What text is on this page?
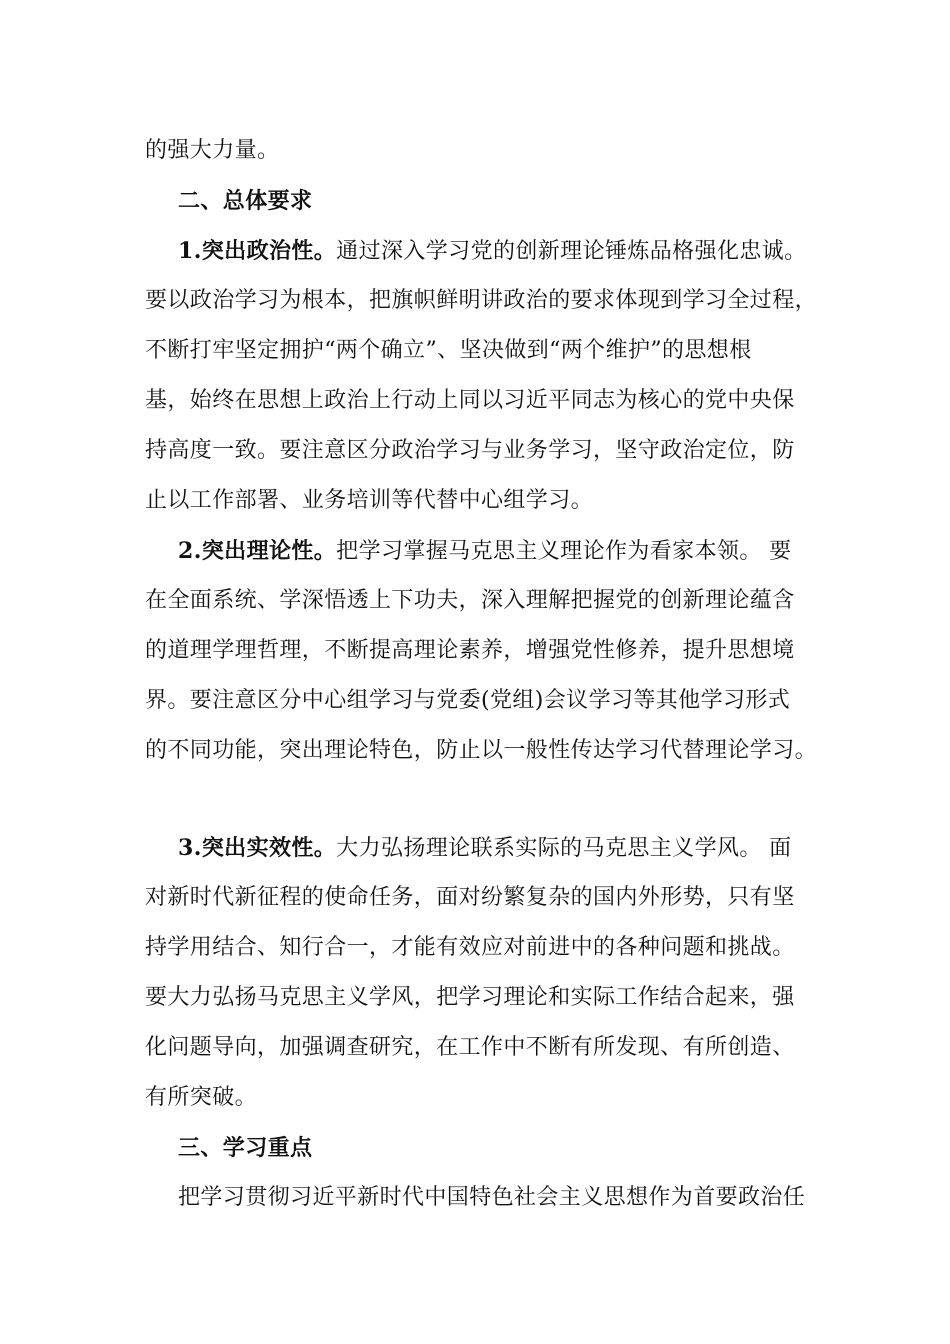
的强大力量。
二、总体要求
1.突出政治性。通过深入学习党的创新理论锤炼品格强化忠诚。
要以政治学习为根本，把旗帜鲜明讲政治的要求体现到学习全过程，
不断打牢坚定拥护“两个确立”、坚决做到“两个维护”的思想根
基，始终在思想上政治上行动上同以习近平同志为核心的党中央保
持高度一致。要注意区分政治学习与业务学习，坚守政治定位，防
止以工作部署、业务培训等代替中心组学习。
2.突出理论性。把学习掌握马克思主义理论作为看家本领。 要
在全面系统、学深悟透上下功夫，深入理解把握党的创新理论蕴含
的道理学理哲理，不断提高理论素养，增强党性修养，提升思想境
界。要注意区分中心组学习与党委(党组)会议学习等其他学习形式
的不同功能，突出理论特色，防止以一般性传达学习代替理论学习。
3.突出实效性。大力弘扬理论联系实际的马克思主义学风。 面
对新时代新征程的使命任务，面对纷繁复杂的国内外形势，只有坚
持学用结合、知行合一，才能有效应对前进中的各种问题和挑战。
要大力弘扬马克思主义学风，把学习理论和实际工作结合起来，强
化问题导向，加强调查研究，在工作中不断有所发现、有所创造、
有所突破。
三、学习重点
把学习贯彻习近平新时代中国特色社会主义思想作为首要政治任
